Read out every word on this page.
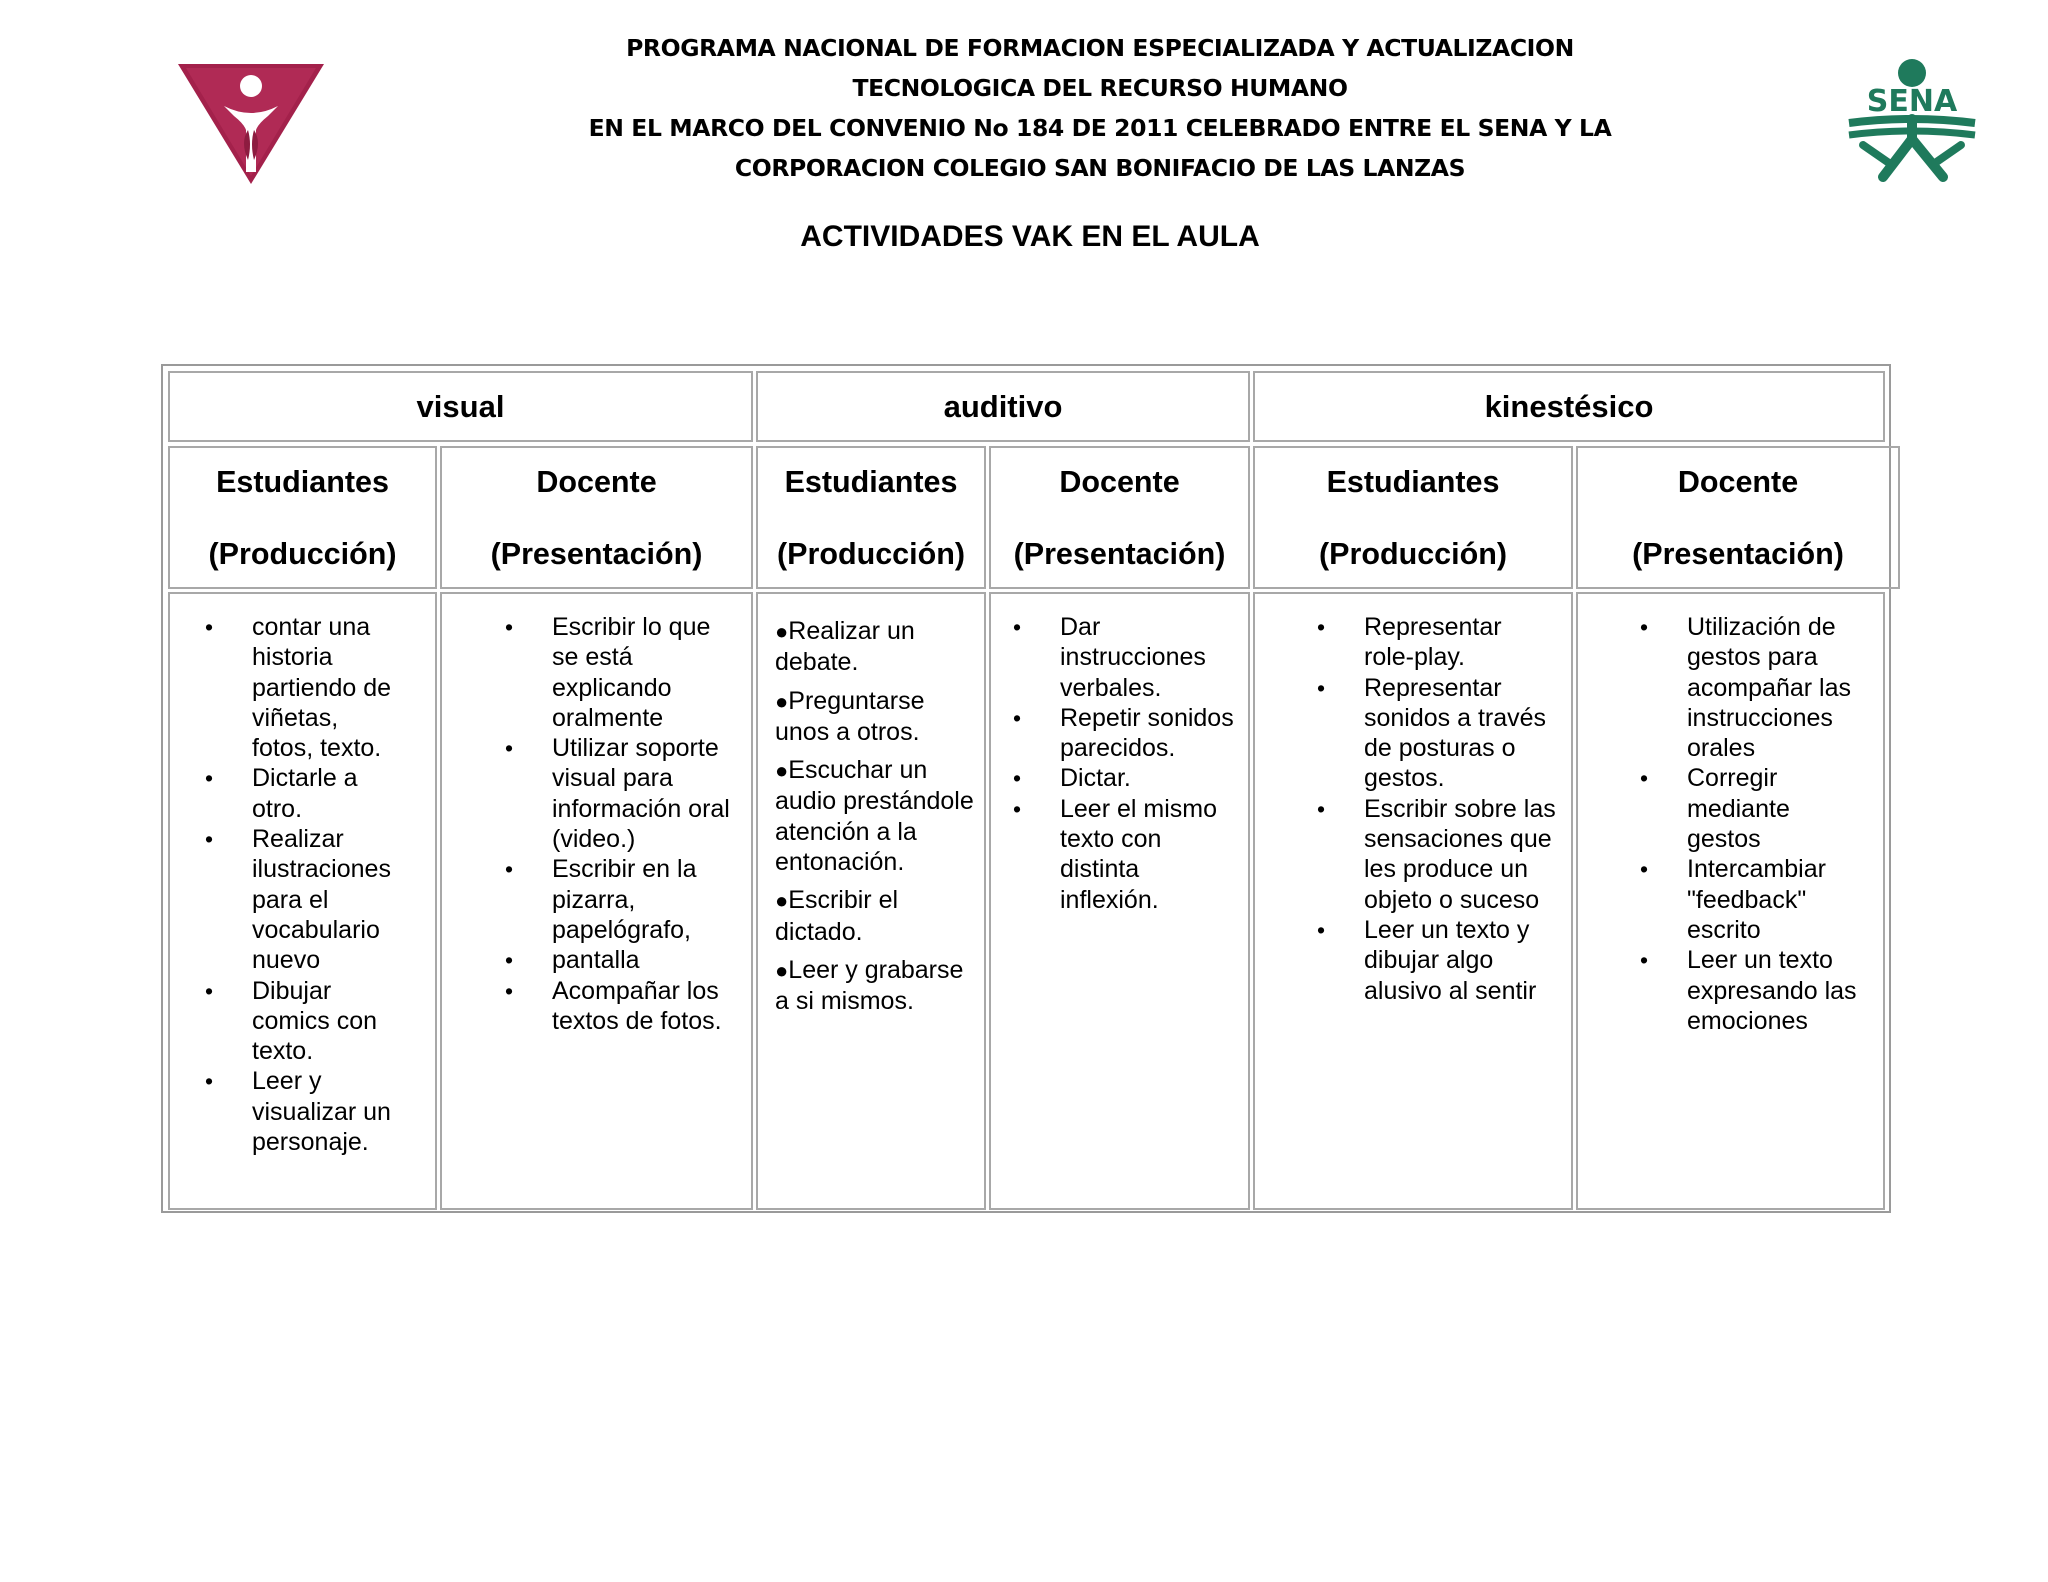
SENA
PROGRAMA NACIONAL DE FORMACION ESPECIALIZADA Y ACTUALIZACION
TECNOLOGICA DEL RECURSO HUMANO
EN EL MARCO DEL CONVENIO No 184 DE 2011 CELEBRADO ENTRE EL SENA Y LA
CORPORACION COLEGIO SAN BONIFACIO DE LAS LANZAS
ACTIVIDADES VAK EN EL AULA
visual	auditivo	kinestésico
Estudiantes
(Producción)
Docente
(Presentación)
Estudiantes
(Producción)
Docente
(Presentación)
Estudiantes
(Producción)
Docente
(Presentación)
• contar una historia partiendo de viñetas, fotos, texto.
• Dictarle a otro.
• Realizar ilustraciones para el vocabulario nuevo
• Dibujar comics con texto.
• Leer y visualizar un personaje.
• Escribir lo que se está explicando oralmente
• Utilizar soporte visual para información oral (video.)
• Escribir en la pizarra, papelógrafo,
• pantalla
• Acompañar los textos de fotos.
●Realizar un debate.
●Preguntarse unos a otros.
●Escuchar un audio prestándole atención a la entonación.
●Escribir el dictado.
●Leer y grabarse a si mismos.
• Dar instrucciones verbales.
• Repetir sonidos parecidos.
• Dictar.
• Leer el mismo texto con distinta inflexión.
• Representar role-play.
• Representar sonidos a través de posturas o gestos.
• Escribir sobre las sensaciones que les produce un objeto o suceso
• Leer un texto y dibujar algo alusivo al sentir
• Utilización de gestos para acompañar las instrucciones orales
• Corregir mediante gestos
• Intercambiar "feedback" escrito
• Leer un texto expresando las emociones
